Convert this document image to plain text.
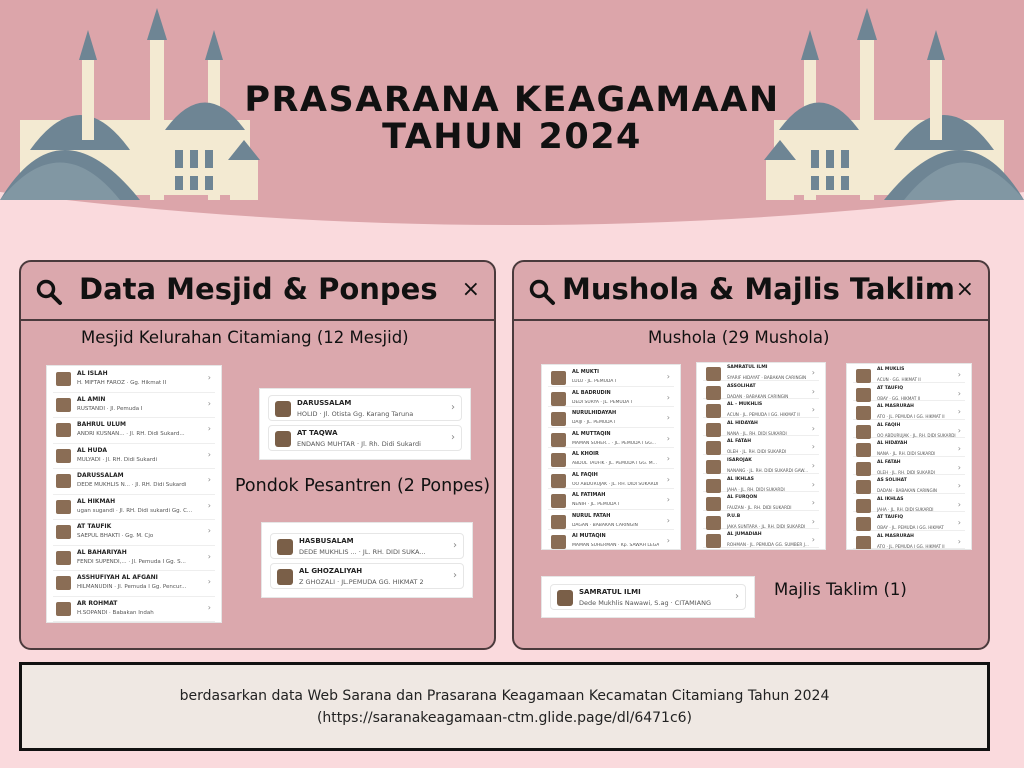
PRASARANA KEAGAMAAN
TAHUN 2024
Data Mesjid & Ponpes ×
Mesjid Kelurahan Citamiang (12 Mesjid)
AL ISLAH
H. MIFTAH FAROZ · Gg. Hikmat II
›
AL AMIN
RUSTANDI · Jl. Pemuda I
›
BAHRUL ULUM
ANDRI KUSNAN... · Jl. RH. Didi Sukard...
›
AL HUDA
MULYADI · Jl. RH. Didi Sukardi
›
DARUSSALAM
DEDE MUKHLIS N... · Jl. RH. Didi Sukardi
›
AL HIKMAH
ugan sugandi · Jl. RH. Didi sukardi Gg. C...
›
AT TAUFIK
SAEPUL BHAKTI · Gg. M. Cjo
›
AL BAHARIYAH
FENDI SUPENDI,... · Jl. Pemuda I Gg. S...
›
ASSHUFIYAH AL AFGANI
HILMANUDIN · Jl. Pemuda I Gg. Pencur...
›
AR ROHMAT
H.SOPANDI · Babakan Indah
›
DARUSSALAM
HOLID · Jl. Otista Gg. Karang Taruna
›
AT TAQWA
ENDANG MUHTAR · Jl. Rh. Didi Sukardi
›
Pondok Pesantren (2 Ponpes)
HASBUSALAM
DEDE MUKHLIS ... · JL. RH. DIDI SUKA...
›
AL GHOZALIYAH
Z GHOZALI · JL.PEMUDA GG. HIKMAT 2
›
Mushola & Majlis Taklim ×
Mushola (29 Mushola)
AL MUKTI
LULU · JL. PEMUDA I
›
AL BADRUDIN
DEDI SURYA · JL. PEMUDA I
›
NURULHIDAYAH
DAIJI · JL. PEMUDA I
›
AL MUTTAQIN
MAMAN SUHER... · JL. PEMUDA I GG...
›
AL KHOIR
ABDUL TAUFIK · JL. PEMUDA I GG. M...
›
AL FAQIH
OO ABDURUJAK · JL. RH. DIDI SUKARDI
›
AL FATIMAH
NENIH · JL. PEMUDA I
›
NURUL FATAH
DAGAN · BABAKAN CARINGIN
›
AI MUTAQIN
MAMAN SUHERMAN · Kp. SAWAH LEGA
›
SAMRATUL ILMI
SYARIF HIDAYAT · BABAKAN CARINGIN
›
ASSOLIHAT
DADAN · BABAKAN CARINGIN
›
AL - MUKHLIS
ACUN · JL. PEMUDA I GG. HIKMAT II
›
AL HIDAYAH
NANA · JL. RH. DIDI SUKARDI
›
AL FATAH
OLEH · JL. RH. DIDI SUKARDI
›
ISAROJAK
NANANG · JL. RH. DIDI SUKARDI GAW...
›
AL IKHLAS
JAHA · JL. RH. DIDI SUKARDI
›
AL FURQON
FAUZAN · JL. RH. DIDI SUKARDI
›
P.U.B
JAKA SUNTARA · JL. RH. DIDI SUKARDI
›
AL JUMADIAH
ROHMAN · JL. PEMUDA GG. SUMBER J...
›
AL MUKLIS
ACUN · GG. HIKMAT II
›
AT TAUFIQ
OBAY · GG. HIKMAT II
›
AL MASRURAH
ATO · JL. PEMUDA I GG. HIKMAT II
›
AL FAQIH
OO ABDURUJAK · JL. RH. DIDI SUKARDI
›
AL HIDAYAH
NANA · JL. RH. DIDI SUKARDI
›
AL FATAH
OLEH · JL. RH. DIDI SUKARDI
›
AS SOLIHAT
DADAN · BABAKAN CARINGIN
›
AL IKHLAS
JAHA · JL. RH. DIDI SUKARDI
›
AT TAUFIQ
OBAY · JL. PEMUDA I GG. HIKMAT
›
AL MASRURAH
ATO · JL. PEMUDA I GG. HIKMAT II
›
SAMRATUL ILMI
Dede Mukhlis Nawawi, S.ag · CITAMIANG
› Majlis Taklim (1)
berdasarkan data Web Sarana dan Prasarana Keagamaan Kecamatan Citamiang Tahun 2024
(https://saranakeagamaan-ctm.glide.page/dl/6471c6)
